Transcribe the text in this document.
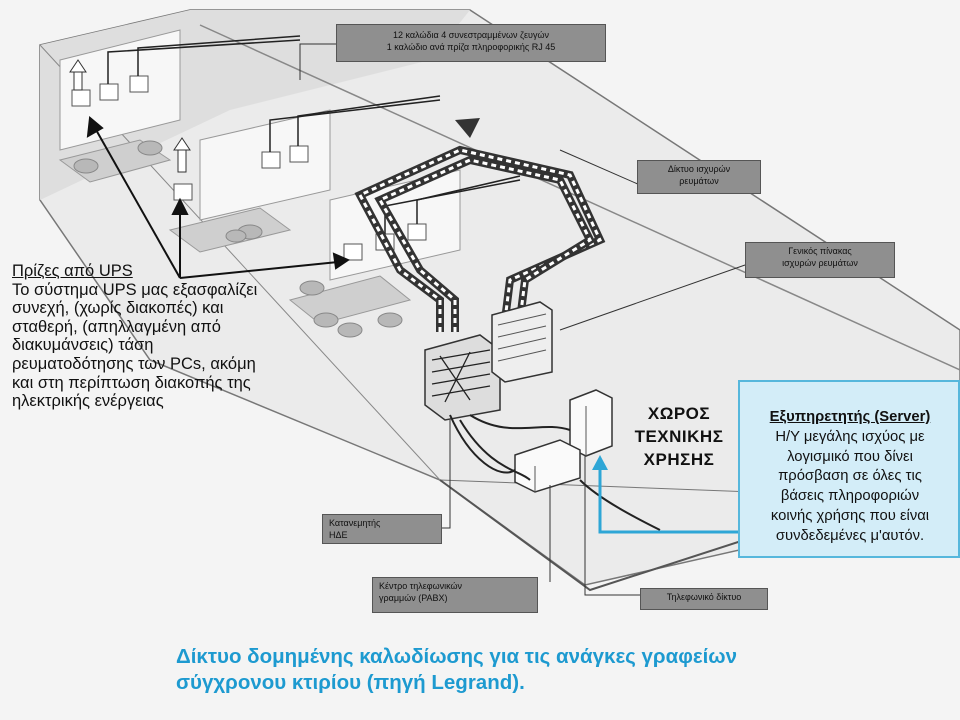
12 καλώδια 4 συνεστραμμένων ζευγών
1 καλώδιο ανά πρίζα πληροφορικής RJ 45
Δίκτυο ισχυρών
ρευμάτων
Γενικός πίνακας
ισχυρών ρευμάτων
Κατανεμητής
ΗΔΕ
Κέντρο τηλεφωνικών
γραμμών (PABX)	Τηλεφωνικό δίκτυο
Πρίζες από UPS
Το σύστημα UPS μας εξασφαλίζει
συνεχή, (χωρίς διακοπές) και
σταθερή, (απηλλαγμένη από
διακυμάνσεις) τάση
ρευματοδότησης των PCs, ακόμη
και στη περίπτωση διακοπής της
ηλεκτρικής ενέργειας
ΧΩΡΟΣ
ΤΕΧΝΙΚΗΣ
ΧΡΗΣΗΣ
Εξυπηρετητής (Server)
Η/Υ μεγάλης ισχύος με
λογισμικό που δίνει
πρόσβαση σε όλες τις
βάσεις πληροφοριών
κοινής χρήσης που είναι
συνδεδεμένες μ'αυτόν.
Δίκτυο δομημένης καλωδίωσης για τις ανάγκες γραφείων
σύγχρονου κτιρίου (πηγή Legrand).
